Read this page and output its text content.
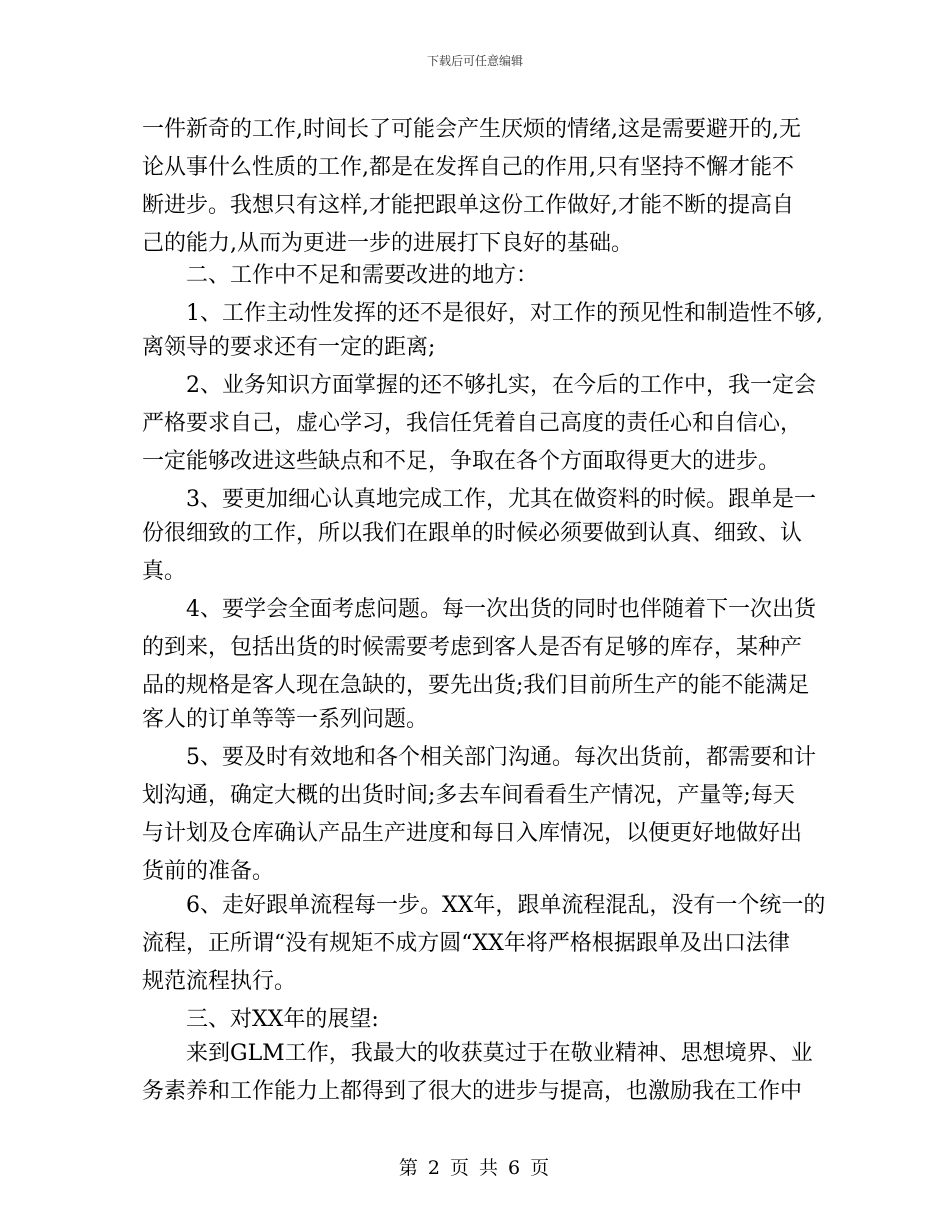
下载后可任意编辑
一件新奇的工作,时间长了可能会产生厌烦的情绪,这是需要避开的,无
论从事什么性质的工作,都是在发挥自己的作用,只有坚持不懈才能不
断进步。我想只有这样,才能把跟单这份工作做好,才能不断的提高自
己的能力,从而为更进一步的进展打下良好的基础。
　　二、工作中不足和需要改进的地方：
　　1、工作主动性发挥的还不是很好，对工作的预见性和制造性不够,
离领导的要求还有一定的距离;
　　2、业务知识方面掌握的还不够扎实，在今后的工作中，我一定会
严格要求自己，虚心学习，我信任凭着自己高度的责任心和自信心，
一定能够改进这些缺点和不足，争取在各个方面取得更大的进步。
　　3、要更加细心认真地完成工作，尤其在做资料的时候。跟单是一
份很细致的工作，所以我们在跟单的时候必须要做到认真、细致、认
真。
　　4、要学会全面考虑问题。每一次出货的同时也伴随着下一次出货
的到来，包括出货的时候需要考虑到客人是否有足够的库存，某种产
品的规格是客人现在急缺的，要先出货;我们目前所生产的能不能满足
客人的订单等等一系列问题。
　　5、要及时有效地和各个相关部门沟通。每次出货前，都需要和计
划沟通，确定大概的出货时间;多去车间看看生产情况，产量等;每天
与计划及仓库确认产品生产进度和每日入库情况，以便更好地做好出
货前的准备。
　　6、走好跟单流程每一步。XX年，跟单流程混乱，没有一个统一的
流程，正所谓“没有规矩不成方圆“XX年将严格根据跟单及出口法律
规范流程执行。
　　三、对XX年的展望:
　　来到GLM工作，我最大的收获莫过于在敬业精神、思想境界、业
务素养和工作能力上都得到了很大的进步与提高，也激励我在工作中
第 2 页 共 6 页
